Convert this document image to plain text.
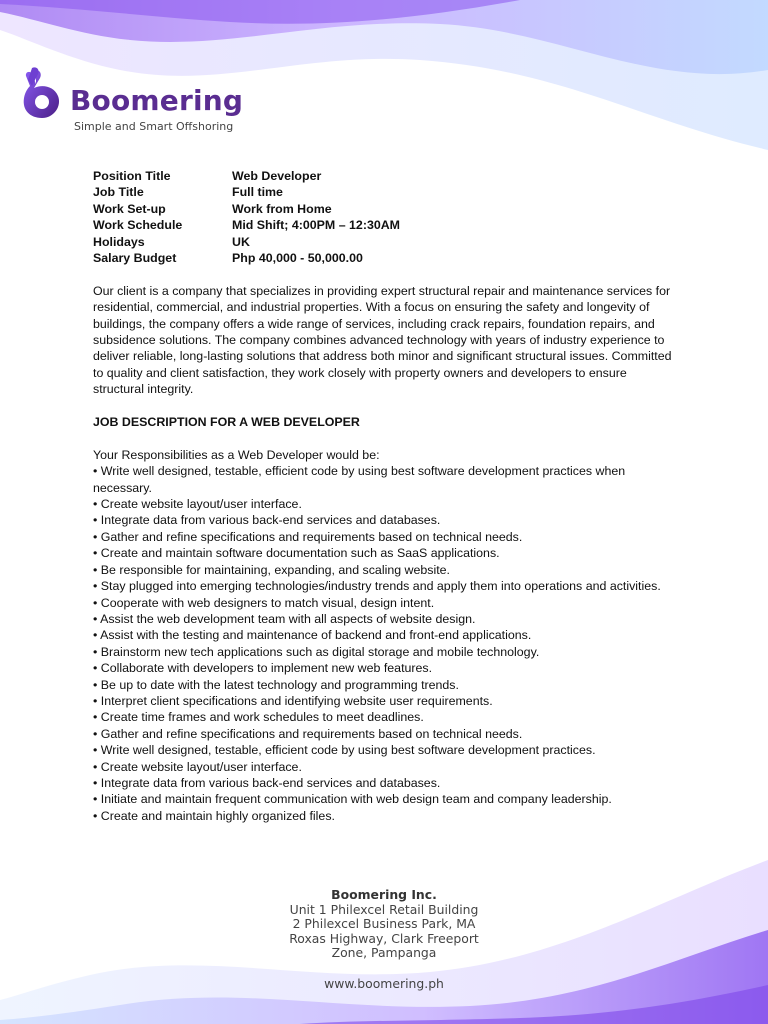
Boomering
Simple and Smart Offshoring
Position Title	Web Developer
Job Title	Full time
Work Set-up	Work from Home
Work Schedule	Mid Shift; 4:00PM – 12:30AM
Holidays	UK
Salary Budget	Php 40,000 - 50,000.00
Our client is a company that specializes in providing expert structural repair and maintenance services for residential, commercial, and industrial properties. With a focus on ensuring the safety and longevity of buildings, the company offers a wide range of services, including crack repairs, foundation repairs, and subsidence solutions. The company combines advanced technology with years of industry experience to deliver reliable, long-lasting solutions that address both minor and significant structural issues. Committed to quality and client satisfaction, they work closely with property owners and developers to ensure structural integrity.
JOB DESCRIPTION FOR A WEB DEVELOPER
Your Responsibilities as a Web Developer would be:
• Write well designed, testable, efficient code by using best software development practices when necessary.
• Create website layout/user interface.
• Integrate data from various back-end services and databases.
• Gather and refine specifications and requirements based on technical needs.
• Create and maintain software documentation such as SaaS applications.
• Be responsible for maintaining, expanding, and scaling website.
• Stay plugged into emerging technologies/industry trends and apply them into operations and activities.
• Cooperate with web designers to match visual, design intent.
• Assist the web development team with all aspects of website design.
• Assist with the testing and maintenance of backend and front-end applications.
• Brainstorm new tech applications such as digital storage and mobile technology.
• Collaborate with developers to implement new web features.
• Be up to date with the latest technology and programming trends.
• Interpret client specifications and identifying website user requirements.
• Create time frames and work schedules to meet deadlines.
• Gather and refine specifications and requirements based on technical needs.
• Write well designed, testable, efficient code by using best software development practices.
• Create website layout/user interface.
• Integrate data from various back-end services and databases.
• Initiate and maintain frequent communication with web design team and company leadership.
• Create and maintain highly organized files.
Boomering Inc.
Unit 1 Philexcel Retail Building
2 Philexcel Business Park, MA
Roxas Highway, Clark Freeport
Zone, Pampanga
www.boomering.ph
